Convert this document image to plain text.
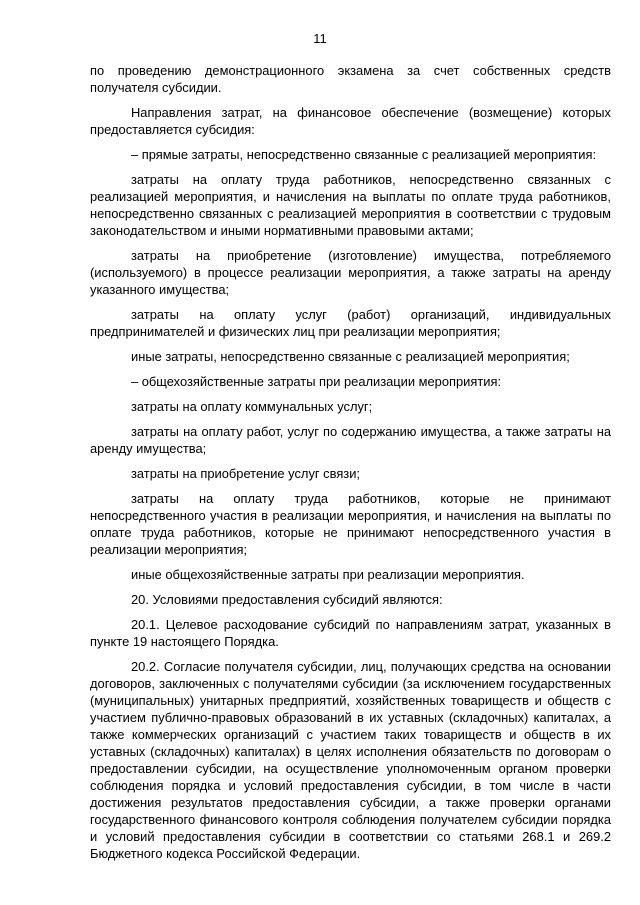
11

по проведению демонстрационного экзамена за счет собственных средств получателя субсидии.

Направления затрат, на финансовое обеспечение (возмещение) которых предоставляется субсидия:

– прямые затраты, непосредственно связанные с реализацией мероприятия:

затраты на оплату труда работников, непосредственно связанных с реализацией мероприятия, и начисления на выплаты по оплате труда работников, непосредственно связанных с реализацией мероприятия в соответствии с трудовым законодательством и иными нормативными правовыми актами;

затраты на приобретение (изготовление) имущества, потребляемого (используемого) в процессе реализации мероприятия, а также затраты на аренду указанного имущества;

затраты на оплату услуг (работ) организаций, индивидуальных предпринимателей и физических лиц при реализации мероприятия;

иные затраты, непосредственно связанные с реализацией мероприятия;

– общехозяйственные затраты при реализации мероприятия:

затраты на оплату коммунальных услуг;

затраты на оплату работ, услуг по содержанию имущества, а также затраты на аренду имущества;

затраты на приобретение услуг связи;

затраты на оплату труда работников, которые не принимают непосредственного участия в реализации мероприятия, и начисления на выплаты по оплате труда работников, которые не принимают непосредственного участия в реализации мероприятия;

иные общехозяйственные затраты при реализации мероприятия.

20. Условиями предоставления субсидий являются:

20.1. Целевое расходование субсидий по направлениям затрат, указанных в пункте 19 настоящего Порядка.

20.2. Согласие получателя субсидии, лиц, получающих средства на основании договоров, заключенных с получателями субсидии (за исключением государственных (муниципальных) унитарных предприятий, хозяйственных товариществ и обществ с участием публично-правовых образований в их уставных (складочных) капиталах, а также коммерческих организаций с участием таких товариществ и обществ в их уставных (складочных) капиталах) в целях исполнения обязательств по договорам о предоставлении субсидии, на осуществление уполномоченным органом проверки соблюдения порядка и условий предоставления субсидии, в том числе в части достижения результатов предоставления субсидии, а также проверки органами государственного финансового контроля соблюдения получателем субсидии порядка и условий предоставления субсидии в соответствии со статьями 268.1 и 269.2 Бюджетного кодекса Российской Федерации.
